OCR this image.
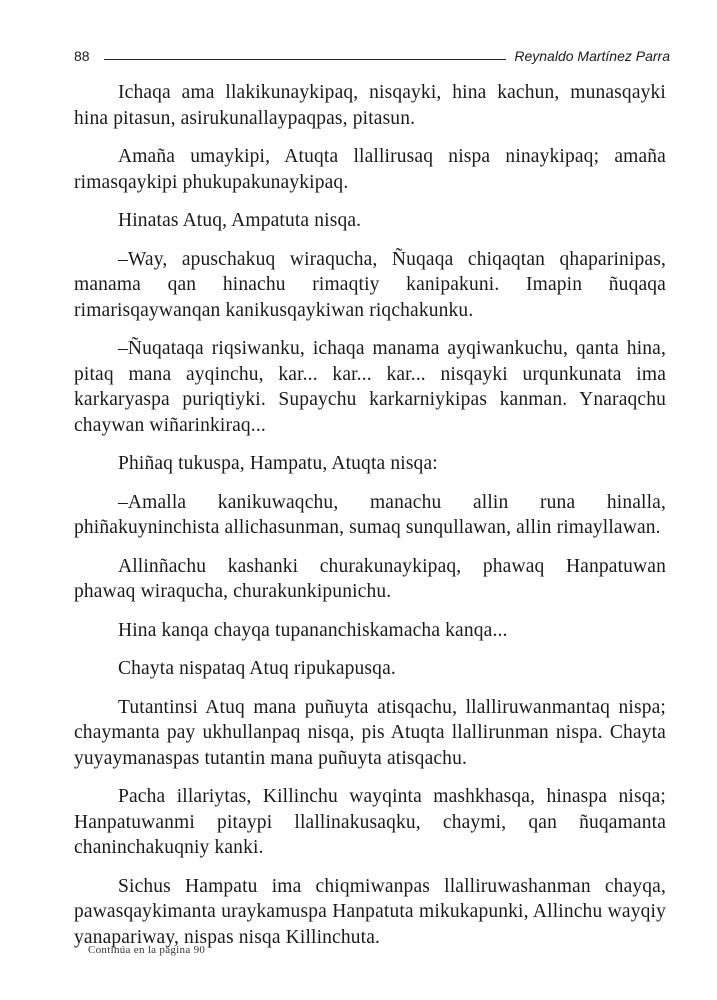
88	Reynaldo Martínez Parra

Ichaqa ama llakikunaykipaq, nisqayki, hina kachun, munasqayki hina pitasun, asirukunallaypaqpas, pitasun.

Amaña umaykipi, Atuqta llallirusaq nispa ninaykipaq; amaña rimasqaykipi phukupakunaykipaq.

Hinatas Atuq, Ampatuta nisqa.

–Way, apuschakuq wiraqucha, Ñuqaqa chiqaqtan qhaparinipas, manama qan hinachu rimaqtiy kanipakuni. Imapin ñuqaqa rimarisqaywanqan kanikusqaykiwan riqchakunku.

–Ñuqataqa riqsiwanku, ichaqa manama ayqiwankuchu, qanta hina, pitaq mana ayqinchu, kar... kar... kar... nisqayki urqunkunata ima karkaryaspa puriqtiyki. Supaychu karkarniykipas kanman. Ynaraqchu chaywan wiñarinkiraq...

Phiñaq tukuspa, Hampatu, Atuqta nisqa:

–Amalla kanikuwaqchu, manachu allin runa hinalla, phiñakuyninchista allichasunman, sumaq sunqullawan, allin rimayllawan.

Allinñachu kashanki churakunaykipaq, phawaq Hanpatuwan phawaq wiraqucha, churakunkipunichu.

Hina kanqa chayqa tupananchiskamacha kanqa...

Chayta nispataq Atuq ripukapusqa.

Tutantinsi Atuq mana puñuyta atisqachu, llalliruwanmantaq nispa; chaymanta pay ukhullanpaq nisqa, pis Atuqta llallirunman nispa. Chayta yuyaymanaspas tutantin mana puñuyta atisqachu.

Pacha illariytas, Killinchu wayqinta mashkhasqa, hinaspa nisqa; Hanpatuwanmi pitaypi llallinakusaqku, chaymi, qan ñuqamanta chaninchakuqniy kanki.

Sichus Hampatu ima chiqmiwanpas llalliruwashanman chayqa, pawasqaykimanta uraykamuspa Hanpatuta mikukapunki, Allinchu wayqiy yanapariway, nispas nisqa Killinchuta.

Continúa en la página 90
